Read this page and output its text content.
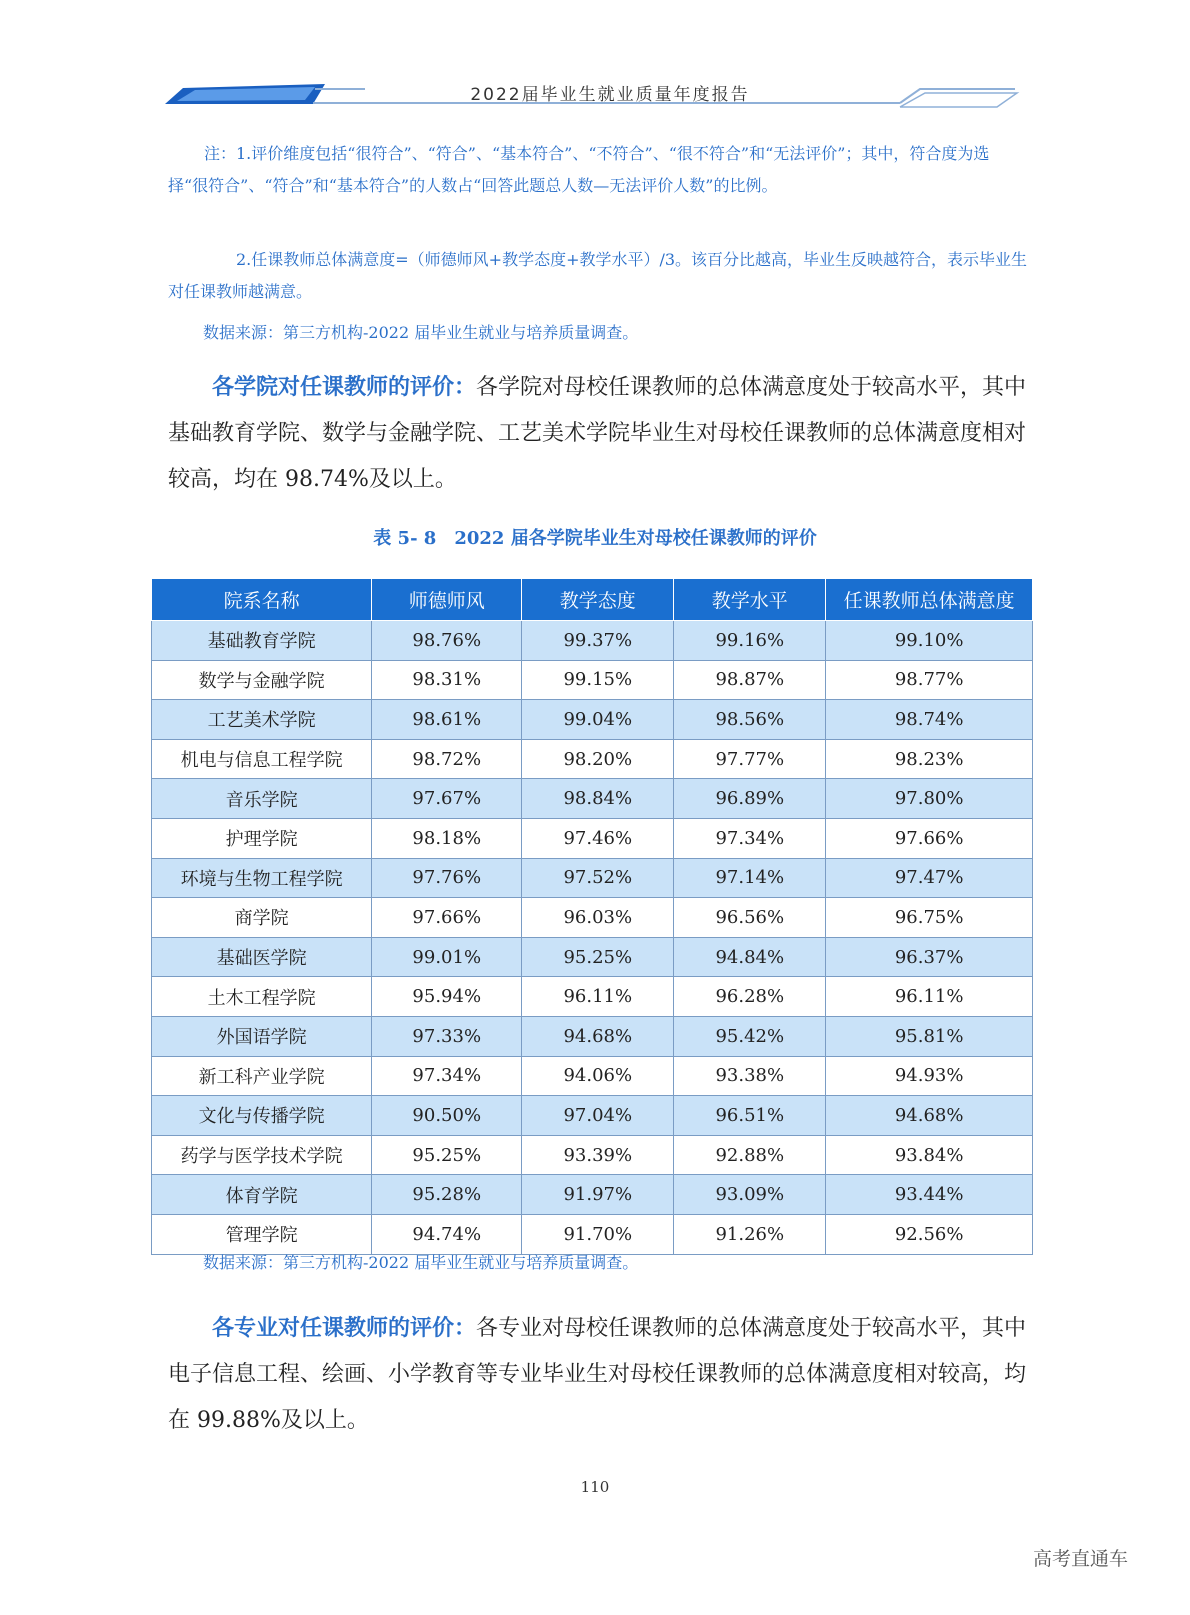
2022届毕业生就业质量年度报告

注：1.评价维度包括“很符合”、“符合”、“基本符合”、“不符合”、“很不符合”和“无法评价”；其中，符合度为选择“很符合”、“符合”和“基本符合”的人数占“回答此题总人数—无法评价人数”的比例。

2.任课教师总体满意度=（师德师风+教学态度+教学水平）/3。该百分比越高，毕业生反映越符合，表示毕业生对任课教师越满意。

数据来源：第三方机构-2022 届毕业生就业与培养质量调查。

各学院对任课教师的评价：各学院对母校任课教师的总体满意度处于较高水平，其中基础教育学院、数学与金融学院、工艺美术学院毕业生对母校任课教师的总体满意度相对较高，均在 98.74%及以上。

表 5- 8　2022 届各学院毕业生对母校任课教师的评价
院系名称	师德师风	教学态度	教学水平	任课教师总体满意度
基础教育学院	98.76%	99.37%	99.16%	99.10%
数学与金融学院	98.31%	99.15%	98.87%	98.77%
工艺美术学院	98.61%	99.04%	98.56%	98.74%
机电与信息工程学院	98.72%	98.20%	97.77%	98.23%
音乐学院	97.67%	98.84%	96.89%	97.80%
护理学院	98.18%	97.46%	97.34%	97.66%
环境与生物工程学院	97.76%	97.52%	97.14%	97.47%
商学院	97.66%	96.03%	96.56%	96.75%
基础医学院	99.01%	95.25%	94.84%	96.37%
土木工程学院	95.94%	96.11%	96.28%	96.11%
外国语学院	97.33%	94.68%	95.42%	95.81%
新工科产业学院	97.34%	94.06%	93.38%	94.93%
文化与传播学院	90.50%	97.04%	96.51%	94.68%
药学与医学技术学院	95.25%	93.39%	92.88%	93.84%
体育学院	95.28%	91.97%	93.09%	93.44%
管理学院	94.74%	91.70%	91.26%	92.56%
数据来源：第三方机构-2022 届毕业生就业与培养质量调查。

各专业对任课教师的评价：各专业对母校任课教师的总体满意度处于较高水平，其中电子信息工程、绘画、小学教育等专业毕业生对母校任课教师的总体满意度相对较高，均在 99.88%及以上。

110
高考直通车
